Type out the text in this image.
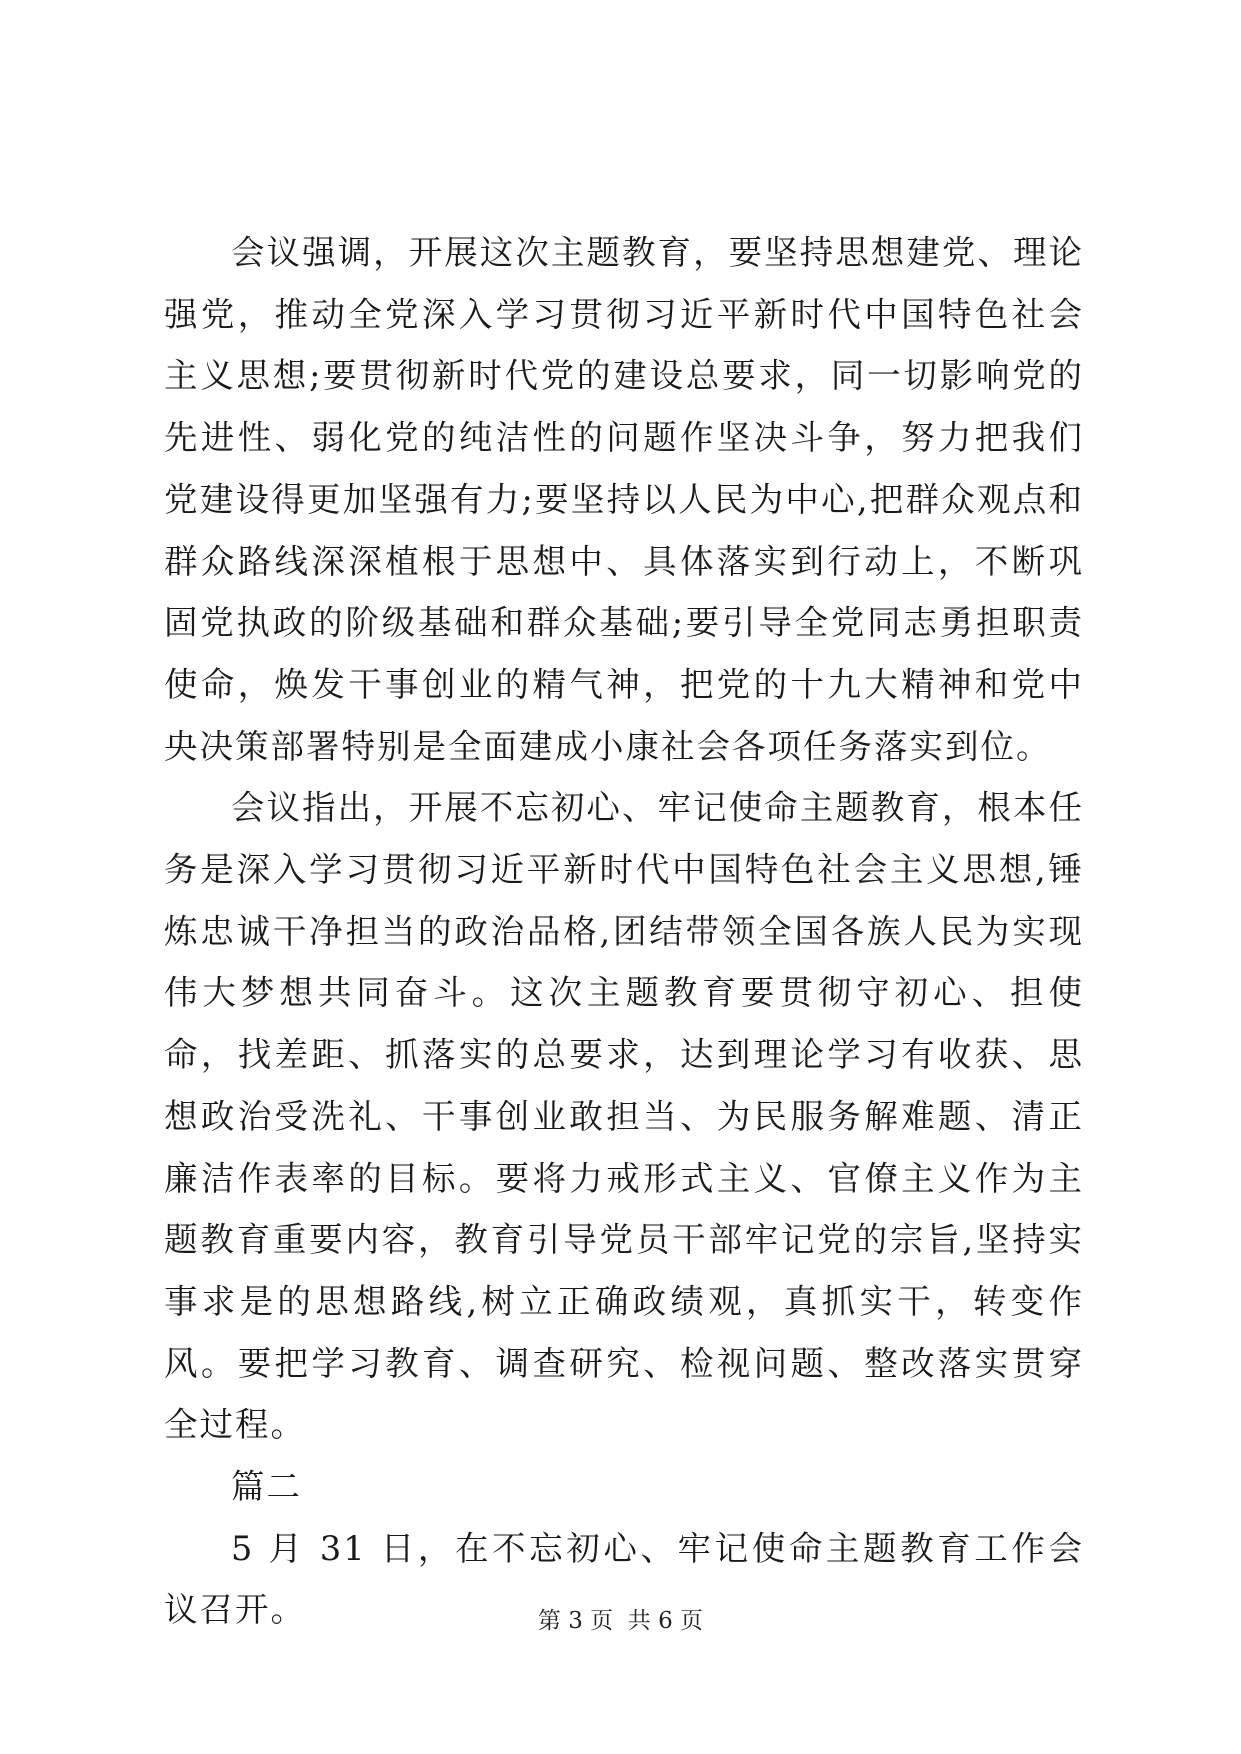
会议强调，开展这次主题教育，要坚持思想建党、理论强党，推动全党深入学习贯彻习近平新时代中国特色社会主义思想;要贯彻新时代党的建设总要求，同一切影响党的先进性、弱化党的纯洁性的问题作坚决斗争，努力把我们党建设得更加坚强有力;要坚持以人民为中心,把群众观点和群众路线深深植根于思想中、具体落实到行动上，不断巩固党执政的阶级基础和群众基础;要引导全党同志勇担职责使命，焕发干事创业的精气神，把党的十九大精神和党中央决策部署特别是全面建成小康社会各项任务落实到位。

会议指出，开展不忘初心、牢记使命主题教育，根本任务是深入学习贯彻习近平新时代中国特色社会主义思想,锤炼忠诚干净担当的政治品格,团结带领全国各族人民为实现伟大梦想共同奋斗。这次主题教育要贯彻守初心、担使命，找差距、抓落实的总要求，达到理论学习有收获、思想政治受洗礼、干事创业敢担当、为民服务解难题、清正廉洁作表率的目标。要将力戒形式主义、官僚主义作为主题教育重要内容，教育引导党员干部牢记党的宗旨,坚持实事求是的思想路线,树立正确政绩观，真抓实干，转变作风。要把学习教育、调查研究、检视问题、整改落实贯穿全过程。

篇二

5 月 31 日，在不忘初心、牢记使命主题教育工作会议召开。	第 3 页  共 6 页
